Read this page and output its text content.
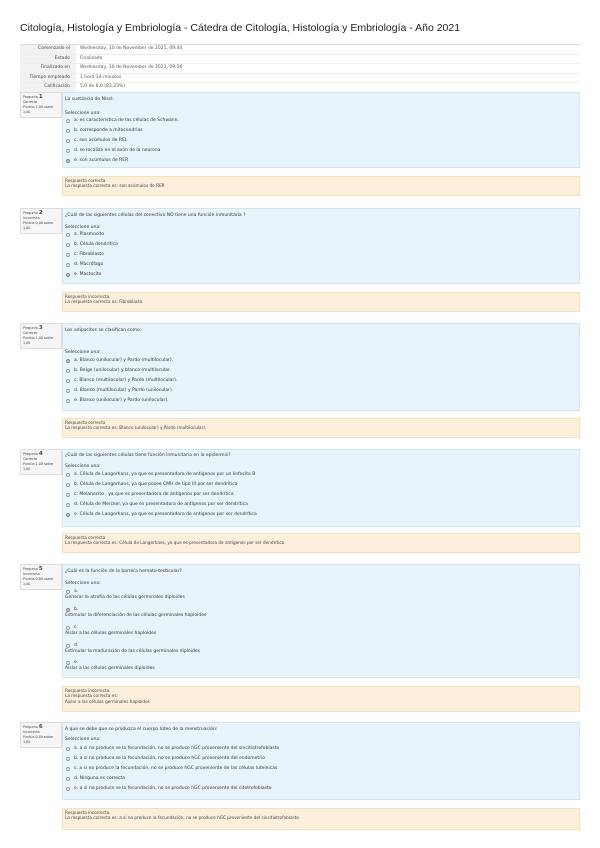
Citología, Histología y Embriología - Cátedra de Citología, Histología y Embriología - Año 2021
Comenzado el	Wednesday, 10 de November de 2021, 09:40
Estado	Finalizado
Finalizado en	Wednesday, 10 de November de 2021, 09:56
Tiempo empleado	1 hora 14 minutos
Calificación	5,0 de 6,0 (83,33%)
Pregunta 1
Correcta
Puntúa 1,00 sobre 1,00
La sustancia de Nissl:
Seleccione una:
a. es característica de las células de Schwann.
b. corresponde a mitocondrias
c. son acúmulos de REL
d. se localiza en el axón de la neurona
e. son acúmulos de RER
Respuesta correcta
La respuesta correcta es: son acúmulos de RER
Pregunta 2
Incorrecta
Puntúa 0,00 sobre 1,00
¿Cuál de las siguientes células del conectivo NO tiene una función inmunitaria ?
Seleccione una:
a. Plasmocito
b. Célula dendrítica
c. Fibroblasto
d. Macrófago
e. Mastocito
Respuesta incorrecta.
La respuesta correcta es: Fibroblasto
Pregunta 3
Correcta
Puntúa 1,00 sobre 1,00
Los adipocitos se clasifican como:
Seleccione una:
a. Blanco (unilocular) y Pardo (multilocular).
b. Beige (unilocular) y blanco (multilocular.
c. Blanco (multilocular) y Pardo (multilocular).
d. Blanco (multilocular) y Pardo (unilocular).
e. Blanco (unilocular) y Pardo (unilocular).
Respuesta correcta
La respuesta correcta es: Blanco (unilocular) y Pardo (multilocular).
Pregunta 4
Correcta
Puntúa 1,00 sobre 1,00
¿Cuál de las siguientes células tiene función inmunitaria en la epidermis?
Seleccione una:
a. Célula de Langerhans, ya que es presentadora de antígenos por un linfocito B
b. Célula de Langerhans, ya que posee CMH de tipo III por ser dendrítica
c. Melanocito , ya que es presentadora de antígenos por ser dendrítica
d. Célula de Merckel, ya que es presentadora de antígenos por ser dendrítica
e. Célula de Langerhans, ya que es presentadora de antígenos por ser dendrítica
Respuesta correcta
La respuesta correcta es: Célula de Langerhans, ya que es presentadora de antígenos por ser dendrítica
Pregunta 5
Incorrecta
Puntúa 0,00 sobre 1,00
¿Cuál es la función de la barrera hemato-testicular?
Seleccione una:
a.
Generar la atrofia de las células germinales diploides
b.
Estimular la diferenciación de las células germinales haploides
c.
Aislar a las células germinales haploides
d.
Estimular la maduración de las células germinales diploides
e.
Aislar a las células germinales diploides
Respuesta incorrecta.
La respuesta correcta es:
Aislar a las células germinales haploides
Pregunta 6
Incorrecta
Puntúa 0,00 sobre 1,00
A que se debe que se produzca el cuerpo lúteo de la menstruación:
Seleccione una:
a. a si no produce se la fecundación, no se produce hGC proveniente del sincitiotrofoblasto
b. a si no produce se la fecundación, no se produce hGC proveniente del endometrio
c. a si no produce la fecundación, no se produce hGC proveniente de las células luteínicas
d. Ninguna es correcta
e. a si no produce se la fecundación, no se produce hGC proveniente del citotrofoblasto
Respuesta incorrecta.
La respuesta correcta es: a si no produce la fecundación, no se produce hGC proveniente del sincitiotrofoblasto
